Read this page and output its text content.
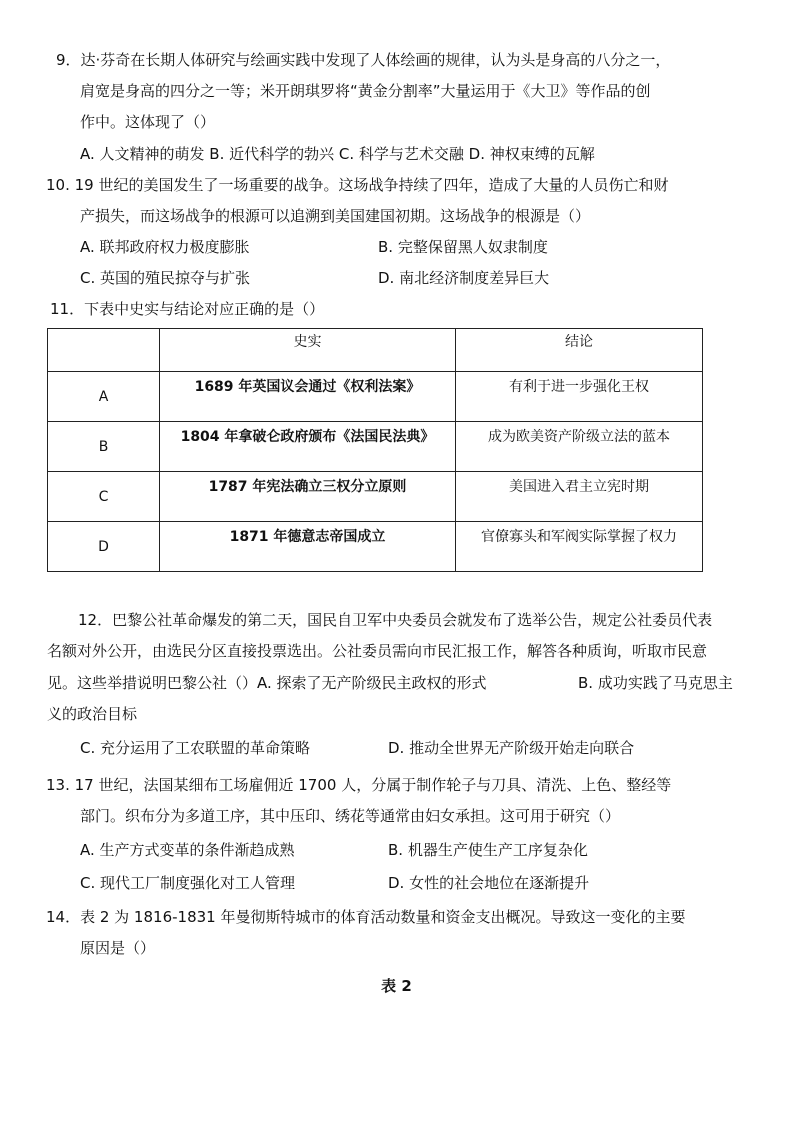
9．达·芬奇在长期人体研究与绘画实践中发现了人体绘画的规律，认为头是身高的八分之一，
肩宽是身高的四分之一等；米开朗琪罗将“黄金分割率”大量运用于《大卫》等作品的创
作中。这体现了（）
A. 人文精神的萌发 B. 近代科学的勃兴 C. 科学与艺术交融 D. 神权束缚的瓦解
10. 19 世纪的美国发生了一场重要的战争。这场战争持续了四年，造成了大量的人员伤亡和财
产损失，而这场战争的根源可以追溯到美国建国初期。这场战争的根源是（）
A. 联邦政府权力极度膨胀	B. 完整保留黑人奴隶制度
C. 英国的殖民掠夺与扩张	D. 南北经济制度差异巨大
11．下表中史实与结论对应正确的是（）
	史实	结论
A	1689 年英国议会通过《权利法案》	有利于进一步强化王权
B	1804 年拿破仑政府颁布《法国民法典》	成为欧美资产阶级立法的蓝本
C	1787 年宪法确立三权分立原则	美国进入君主立宪时期
D	1871 年德意志帝国成立	官僚寡头和军阀实际掌握了权力
12．巴黎公社革命爆发的第二天，国民自卫军中央委员会就发布了选举公告，规定公社委员代表
名额对外公开，由选民分区直接投票选出。公社委员需向市民汇报工作，解答各种质询，听取市民意
见。这些举措说明巴黎公社（）A. 探索了无产阶级民主政权的形式	B. 成功实践了马克思主
义的政治目标
C. 充分运用了工农联盟的革命策略	D. 推动全世界无产阶级开始走向联合
13. 17 世纪，法国某细布工场雇佣近 1700 人，分属于制作轮子与刀具、清洗、上色、整经等
部门。织布分为多道工序，其中压印、绣花等通常由妇女承担。这可用于研究（）
A. 生产方式变革的条件渐趋成熟	B. 机器生产使生产工序复杂化
C. 现代工厂制度强化对工人管理	D. 女性的社会地位在逐渐提升
14．表 2 为 1816-1831 年曼彻斯特城市的体育活动数量和资金支出概况。导致这一变化的主要
原因是（）
表 2
